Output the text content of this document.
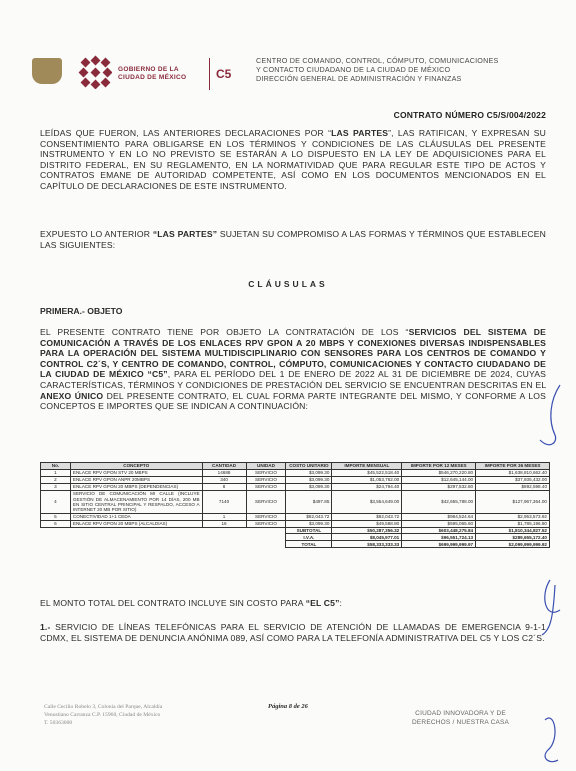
GOBIERNO DE LA
CIUDAD DE MÉXICO C5
CENTRO DE COMANDO, CONTROL, CÓMPUTO, COMUNICACIONES
Y CONTACTO CIUDADANO DE LA CIUDAD DE MÉXICO
DIRECCIÓN GENERAL DE ADMINISTRACIÓN Y FINANZAS
CONTRATO NÚMERO C5/S/004/2022
LEÍDAS QUE FUERON, LAS ANTERIORES DECLARACIONES POR “LAS PARTES”, LAS RATIFICAN, Y EXPRESAN SU CONSENTIMIENTO PARA OBLIGARSE EN LOS TÉRMINOS Y CONDICIONES DE LAS CLÁUSULAS DEL PRESENTE INSTRUMENTO Y EN LO NO PREVISTO SE ESTARÁN A LO DISPUESTO EN LA LEY DE ADQUISICIONES PARA EL DISTRITO FEDERAL, EN SU REGLAMENTO, EN LA NORMATIVIDAD QUE PARA REGULAR ESTE TIPO DE ACTOS Y CONTRATOS EMANE DE AUTORIDAD COMPETENTE, ASÍ COMO EN LOS DOCUMENTOS MENCIONADOS EN EL CAPÍTULO DE DECLARACIONES DE ESTE INSTRUMENTO.
EXPUESTO LO ANTERIOR “LAS PARTES” SUJETAN SU COMPROMISO A LAS FORMAS Y TÉRMINOS QUE ESTABLECEN LAS SIGUIENTES:
CLÁUSULAS
PRIMERA.- OBJETO
EL PRESENTE CONTRATO TIENE POR OBJETO LA CONTRATACIÓN DE LOS “SERVICIOS DEL SISTEMA DE COMUNICACIÓN A TRAVÉS DE LOS ENLACES RPV GPON A 20 MBPS Y CONEXIONES DIVERSAS INDISPENSABLES PARA LA OPERACIÓN DEL SISTEMA MULTIDISCIPLINARIO CON SENSORES PARA LOS CENTROS DE COMANDO Y CONTROL C2´S, Y CENTRO DE COMANDO, CONTROL, CÓMPUTO, COMUNICACIONES Y CONTACTO CIUDADANO DE LA CIUDAD DE MÉXICO “C5”, PARA EL PERÍODO DEL 1 DE ENERO DE 2022 AL 31 DE DICIEMBRE DE 2024, CUYAS CARACTERÍSTICAS, TÉRMINOS Y CONDICIONES DE PRESTACIÓN DEL SERVICIO SE ENCUENTRAN DESCRITAS EN EL ANEXO ÚNICO DEL PRESENTE CONTRATO, EL CUAL FORMA PARTE INTEGRANTE DEL MISMO, Y CONFORME A LOS CONCEPTOS E IMPORTES QUE SE INDICAN A CONTINUACIÓN:
No.	CONCEPTO	CANTIDAD	UNIDAD	COSTO UNITARIO	IMPORTE MENSUAL	IMPORTE POR 12 MESES	IMPORTE POR 36 MESES
1	ENLACE RPV GPON STV 20 MBPS	14688	SERVICIO	$3,099.30	$45,522,518.40	$546,270,220.80	$1,638,810,662.40
2	ENLACE RPV GPON ANPR 20MBPS	340	SERVICIO	$3,099.30	$1,053,762.00	$12,645,144.00	$37,935,432.00
3	ENLACE RPV GPON 20 MBPS (DEPENDENCIAS)	8	SERVICIO	$3,099.30	$24,794.40	$297,532.80	$892,598.40
4	SERVICIO DE COMUNICACIÓN MI CALLE (INCLUYE GESTIÓN DE ALMACENAMIENTO POR 14 DÍAS, 200 MB EN SITIO CENTRAL PRINCIPAL Y RESPALDO, ACCESO A INTERNET 20 MB POR SITIO)	7140	SERVICIO	$497.85	$3,554,649.00	$42,655,788.00	$127,967,364.00
5	CONECTIVIDAD 1+1 CEDA	1	SERVICIO	$82,043.72	$82,043.72	$984,524.64	$2,953,573.92
6	ENLACE RPV GPON 20 MBPS (ALCALDIAS)	16	SERVICIO	$3,099.30	$49,588.80	$595,065.60	$1,785,196.80
				SUBTOTAL	$50,287,356.32	$603,448,275.84	$1,810,344,827.52
				I.V.A.	$8,045,977.01	$96,551,724.13	$289,655,172.40
				TOTAL	$58,333,333.33	$699,999,999.97	$2,099,999,999.92
EL MONTO TOTAL DEL CONTRATO INCLUYE SIN COSTO PARA “EL C5”:
1.- SERVICIO DE LÍNEAS TELEFÓNICAS PARA EL SERVICIO DE ATENCIÓN DE LLAMADAS DE EMERGENCIA 9-1-1 CDMX, EL SISTEMA DE DENUNCIA ANÓNIMA 089, ASÍ COMO PARA LA TELEFONÍA ADMINISTRATIVA DEL C5 Y LOS C2´S.
Calle Cecilio Robelo 3, Colonia del Parque, Alcaldía
Venustiano Carranza C.P. 15960, Ciudad de México
T. 50363000
Página 8 de 26
CIUDAD INNOVADORA Y DE
DERECHOS / NUESTRA CASA
